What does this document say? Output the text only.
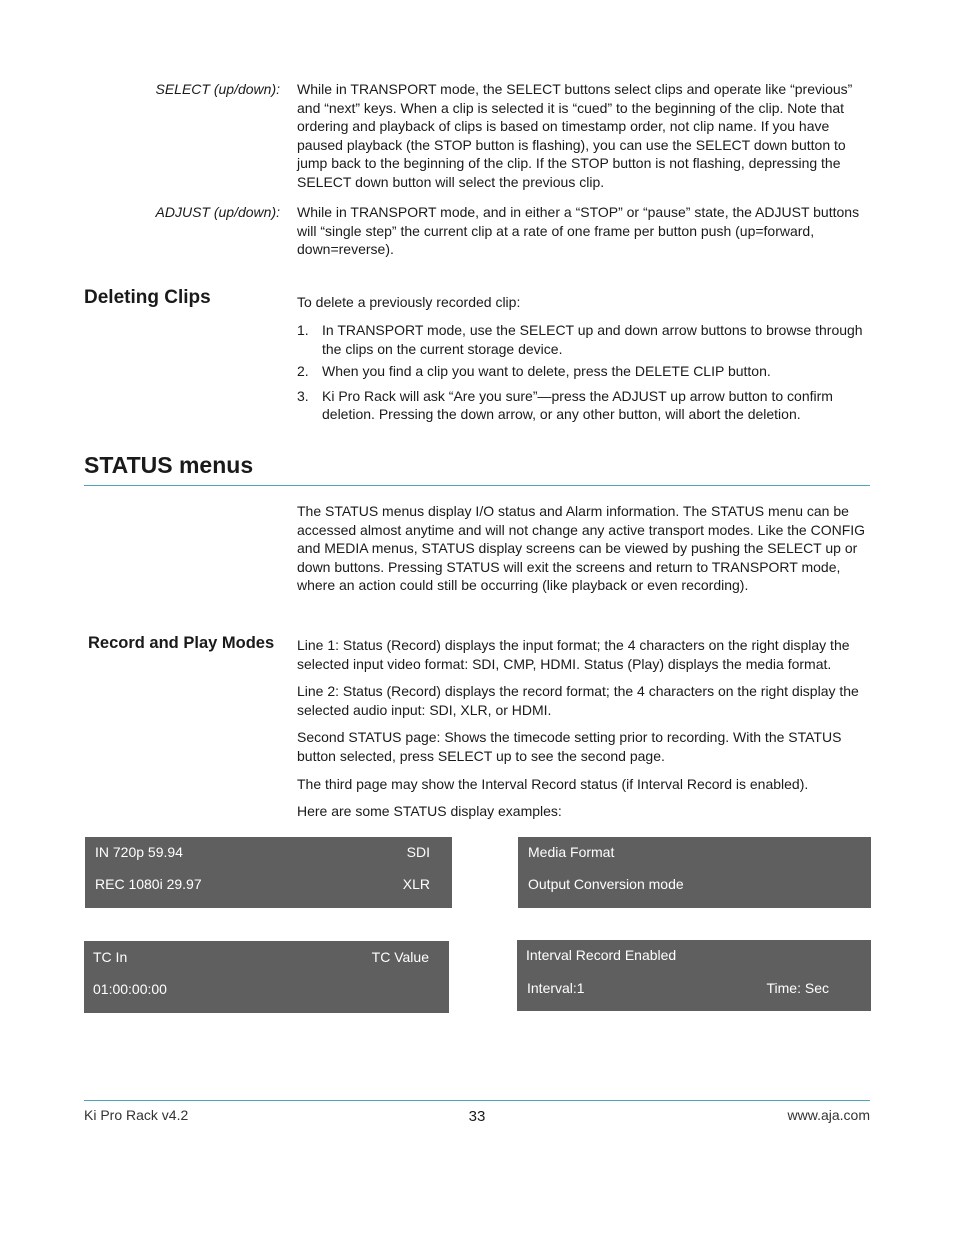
SELECT (up/down): While in TRANSPORT mode, the SELECT buttons select clips and operate like “previous” and “next” keys. When a clip is selected it is “cued” to the beginning of the clip. Note that ordering and playback of clips is based on timestamp order, not clip name. If you have paused playback (the STOP button is flashing), you can use the SELECT down button to jump back to the beginning of the clip. If the STOP button is not flashing, depressing the SELECT down button will select the previous clip.
ADJUST (up/down): While in TRANSPORT mode, and in either a “STOP” or “pause” state, the ADJUST buttons will “single step” the current clip at a rate of one frame per button push (up=forward, down=reverse).
Deleting Clips	To delete a previously recorded clip:
1. In TRANSPORT mode, use the SELECT up and down arrow buttons to browse through the clips on the current storage device.
2. When you find a clip you want to delete, press the DELETE CLIP button.
3. Ki Pro Rack will ask “Are you sure”—press the ADJUST up arrow button to confirm deletion. Pressing the down arrow, or any other button, will abort the deletion.
STATUS menus
The STATUS menus display I/O status and Alarm information. The STATUS menu can be accessed almost anytime and will not change any active transport modes. Like the CONFIG and MEDIA menus, STATUS display screens can be viewed by pushing the SELECT up or down buttons. Pressing STATUS will exit the screens and return to TRANSPORT mode, where an action could still be occurring (like playback or even recording).
Record and Play Modes Line 1: Status (Record) displays the input format; the 4 characters on the right display the selected input video format: SDI, CMP, HDMI. Status (Play) displays the media format.

Line 2: Status (Record) displays the record format; the 4 characters on the right display the selected audio input: SDI, XLR, or HDMI.

Second STATUS page: Shows the timecode setting prior to recording. With the STATUS button selected, press SELECT up to see the second page.

The third page may show the Interval Record status (if Interval Record is enabled).

Here are some STATUS display examples:

IN 720p 59.94	SDI
REC 1080i 29.97	XLR
Media Format
Output Conversion mode
TC In	TC Value
01:00:00:00
Interval Record Enabled
Interval:1	Time: Sec
Ki Pro Rack v4.2	33	www.aja.com
